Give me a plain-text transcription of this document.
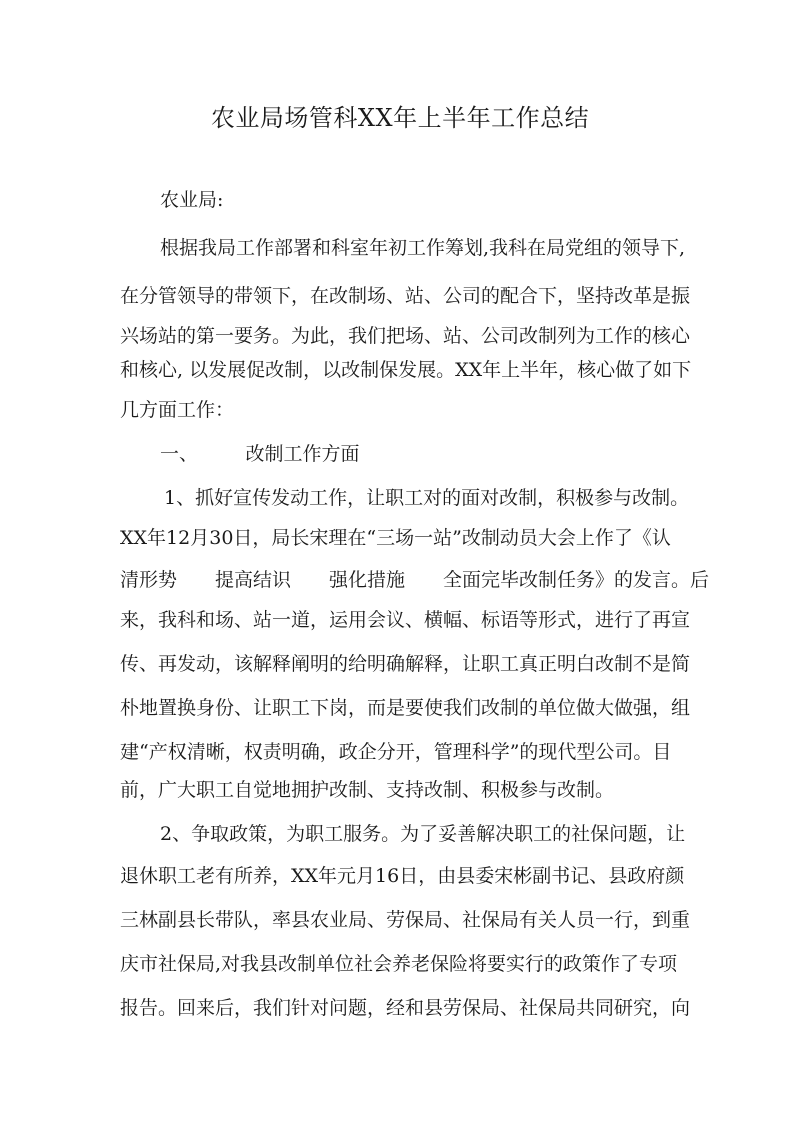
农业局场管科XX年上半年工作总结
农业局:
根据我局工作部署和科室年初工作筹划,我科在局党组的领导下,
在分管领导的带领下，在改制场、站、公司的配合下，坚持改革是振
兴场站的第一要务。为此，我们把场、站、公司改制列为工作的核心
和核心, 以发展促改制，以改制保发展。XX年上半年，核心做了如下
几方面工作：
一、　　　改制工作方面
1、抓好宣传发动工作，让职工对的面对改制，积极参与改制。
XX年12月30日，局长宋理在“三场一站”改制动员大会上作了《认
清形势　　提高结识　　强化措施　　全面完毕改制任务》的发言。后
来，我科和场、站一道，运用会议、横幅、标语等形式，进行了再宣
传、再发动，该解释阐明的给明确解释，让职工真正明白改制不是简
朴地置换身份、让职工下岗，而是要使我们改制的单位做大做强，组
建“产权清晰，权责明确，政企分开，管理科学”的现代型公司。目
前，广大职工自觉地拥护改制、支持改制、积极参与改制。
2、争取政策，为职工服务。为了妥善解决职工的社保问题，让
退休职工老有所养，XX年元月16日，由县委宋彬副书记、县政府颜
三林副县长带队，率县农业局、劳保局、社保局有关人员一行，到重
庆市社保局,对我县改制单位社会养老保险将要实行的政策作了专项
报告。回来后，我们针对问题，经和县劳保局、社保局共同研究，向
